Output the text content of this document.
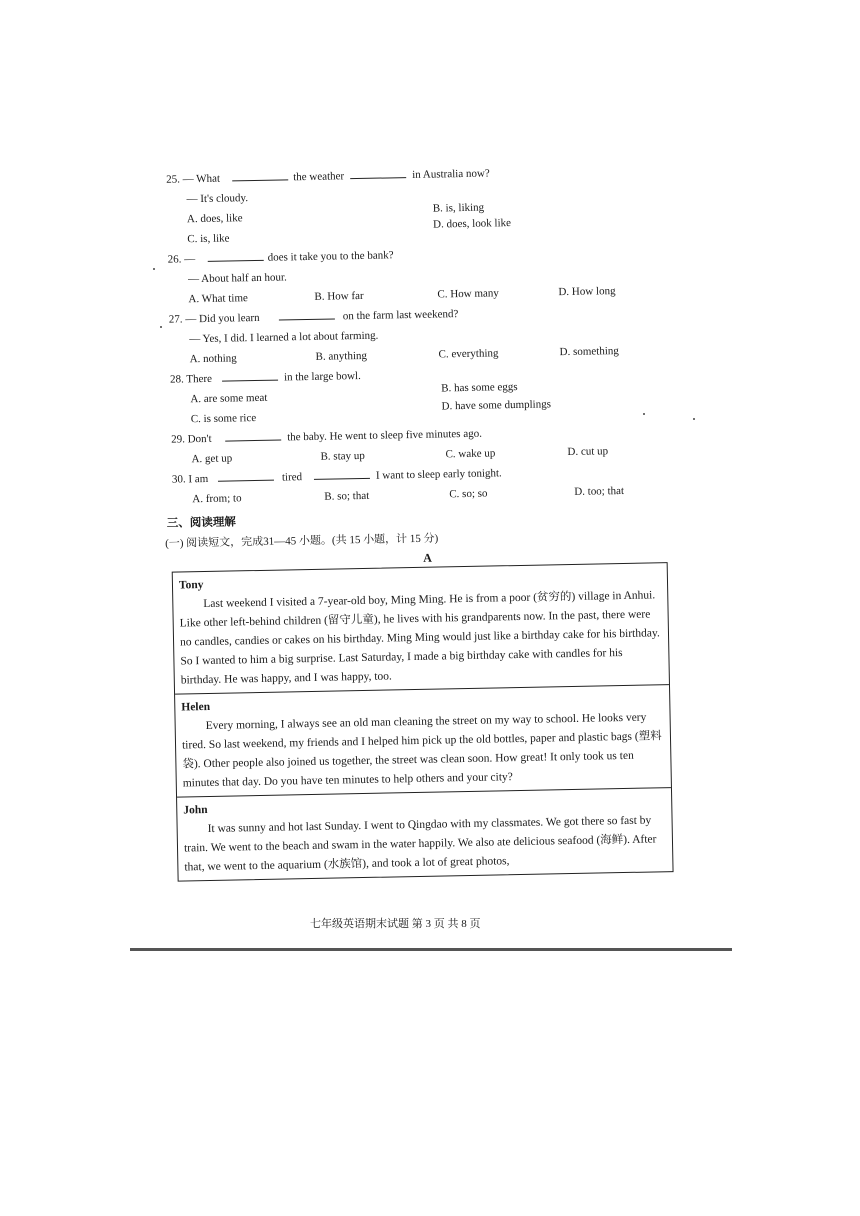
25. — What	the weather	in Australia now?
— It's cloudy.
A. does, like
B. is, liking
C. is, like
D. does, look like
26. —	does it take you to the bank?
— About half an hour.
A. What time	B. How far	C. How many	D. How long
27. — Did you learn	on the farm last weekend?
— Yes, I did. I learned a lot about farming.
A. nothing	B. anything	C. everything	D. something
28. There	in the large bowl.
A. are some meat
B. has some eggs
C. is some rice
D. have some dumplings
29. Don't	the baby. He went to sleep five minutes ago.
A. get up	B. stay up	C. wake up	D. cut up
30. I am	tired	I want to sleep early tonight.
A. from; to	B. so; that	C. so; so	D. too; that
三、阅读理解
(一) 阅读短文，完成31—45 小题。(共 15 小题，计 15 分)
A
Tony

Last weekend I visited a 7-year-old boy, Ming Ming. He is from a poor (贫穷的) village in Anhui. Like other left-behind children (留守儿童), he lives with his grandparents now. In the past, there were no candles, candies or cakes on his birthday. Ming Ming would just like a birthday cake for his birthday. So I wanted to him a big surprise. Last Saturday, I made a big birthday cake with candles for his birthday. He was happy, and I was happy, too.

Helen

Every morning, I always see an old man cleaning the street on my way to school. He looks very tired. So last weekend, my friends and I helped him pick up the old bottles, paper and plastic bags (塑料袋). Other people also joined us together, the street was clean soon. How great! It only took us ten minutes that day. Do you have ten minutes to help others and your city?

John

It was sunny and hot last Sunday. I went to Qingdao with my classmates. We got there so fast by train. We went to the beach and swam in the water happily. We also ate delicious seafood (海鲜). After that, we went to the aquarium (水族馆), and took a lot of great photos,

七年级英语期末试题 第 3 页 共 8 页
